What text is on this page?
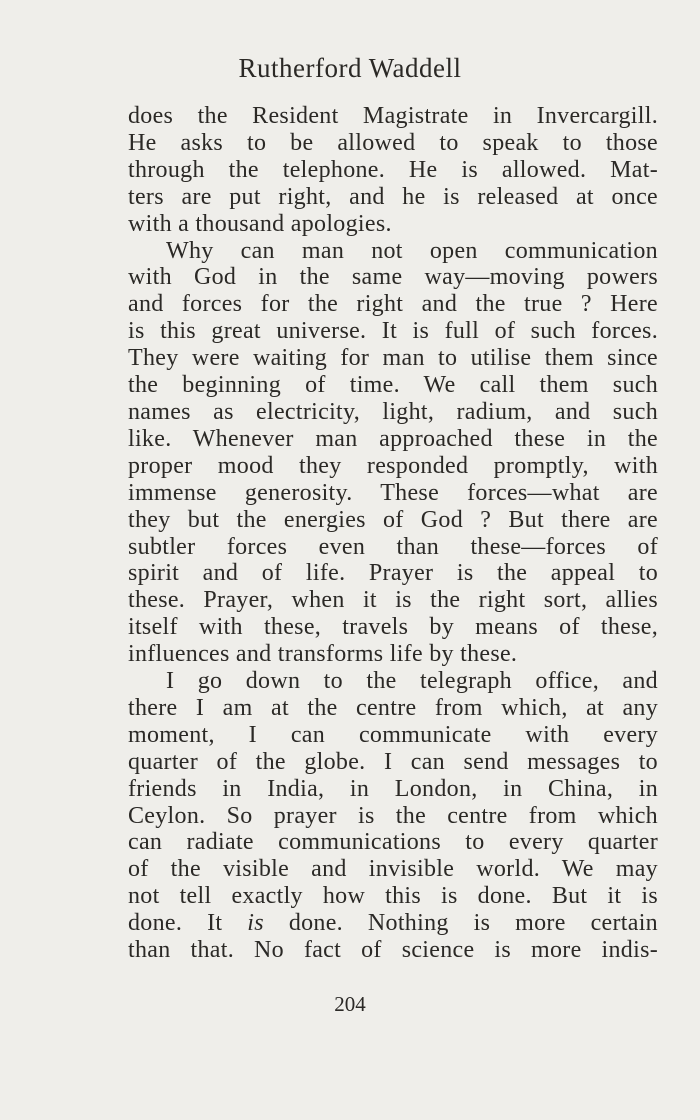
Rutherford Waddell

does the Resident Magistrate in Invercargill.
He asks to be allowed to speak to those
through the telephone. He is allowed. Mat-
ters are put right, and he is released at once
with a thousand apologies.

Why can man not open communication
with God in the same way—moving powers
and forces for the right and the true ? Here
is this great universe. It is full of such forces.
They were waiting for man to utilise them since
the beginning of time. We call them such
names as electricity, light, radium, and such
like. Whenever man approached these in the
proper mood they responded promptly, with
immense generosity. These forces—what are
they but the energies of God ? But there are
subtler forces even than these—forces of
spirit and of life. Prayer is the appeal to
these. Prayer, when it is the right sort, allies
itself with these, travels by means of these,
influences and transforms life by these.

I go down to the telegraph office, and
there I am at the centre from which, at any
moment, I can communicate with every
quarter of the globe. I can send messages to
friends in India, in London, in China, in
Ceylon. So prayer is the centre from which
can radiate communications to every quarter
of the visible and invisible world. We may
not tell exactly how this is done. But it is
done. It is done. Nothing is more certain
than that. No fact of science is more indis-

204
